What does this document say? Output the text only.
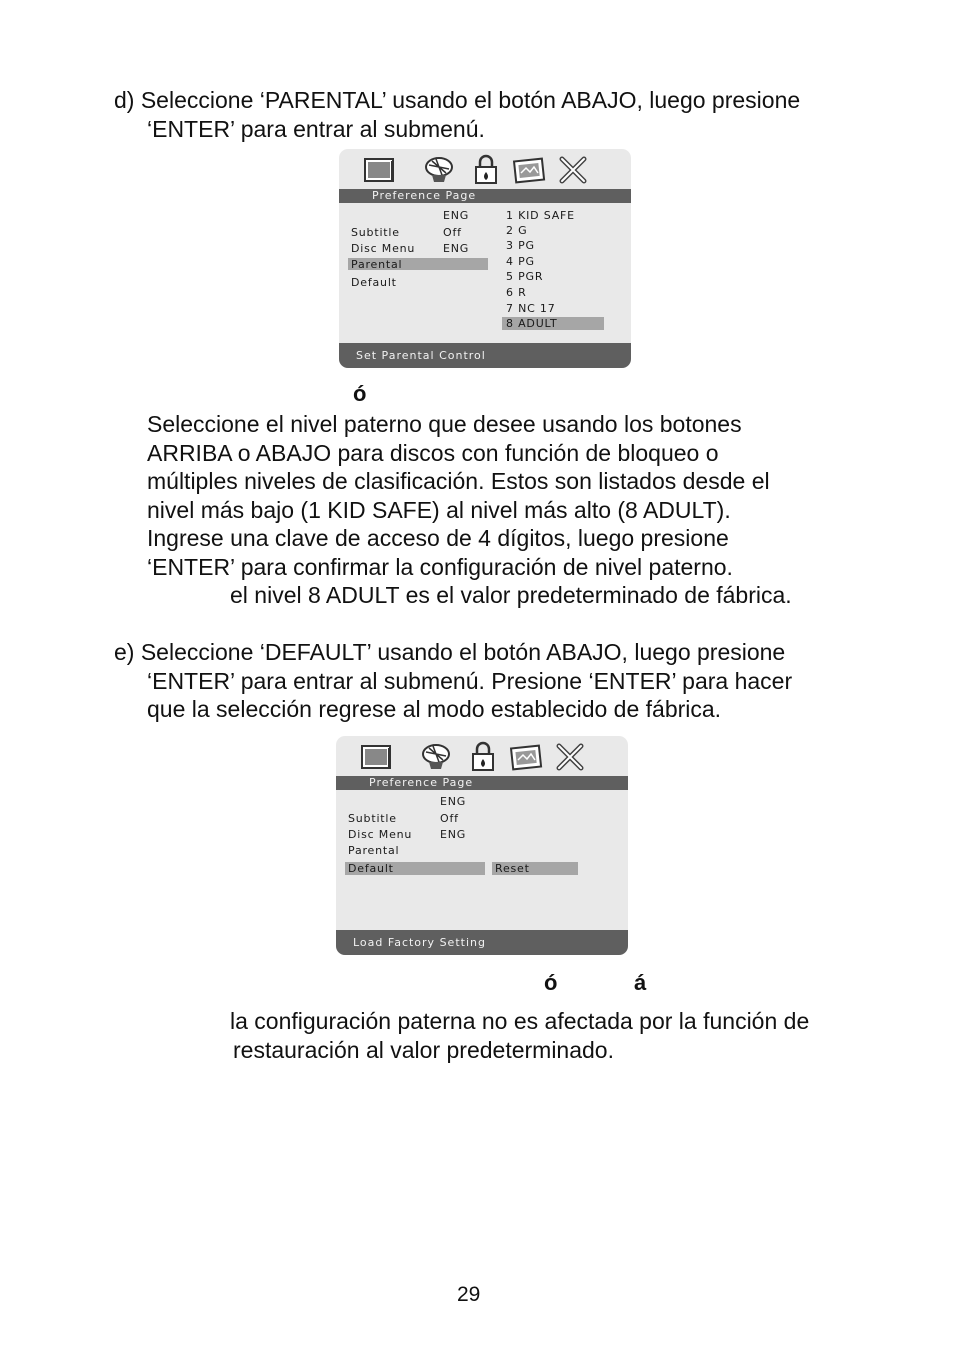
d) Seleccione ‘PARENTAL’ usando el botón ABAJO, luego presione
‘ENTER’ para entrar al submenú.
Preference Page
ENG
Subtitle	Off
Disc Menu	ENG
Parental
Default
1 KID SAFE
2 G
3 PG
4 PG
5 PGR
6 R
7 NC 17
8 ADULT
Set Parental Control
ó
Seleccione el nivel paterno que desee usando los botones
ARRIBA o ABAJO para discos con función de bloqueo o
múltiples niveles de clasificación. Estos son listados desde el
nivel más bajo (1 KID SAFE) al nivel más alto (8 ADULT).
Ingrese una clave de acceso de 4 dígitos, luego presione
‘ENTER’ para confirmar la configuración de nivel paterno.
el nivel 8 ADULT es el valor predeterminado de fábrica.
e) Seleccione ‘DEFAULT’ usando el botón ABAJO, luego presione
‘ENTER’ para entrar al submenú. Presione ‘ENTER’ para hacer
que la selección regrese al modo establecido de fábrica.
Preference Page
ENG
Subtitle	Off
Disc Menu	ENG
Parental
Default	Reset
Load Factory Setting
ó	á
la configuración paterna no es afectada por la función de
restauración al valor predeterminado.
29
